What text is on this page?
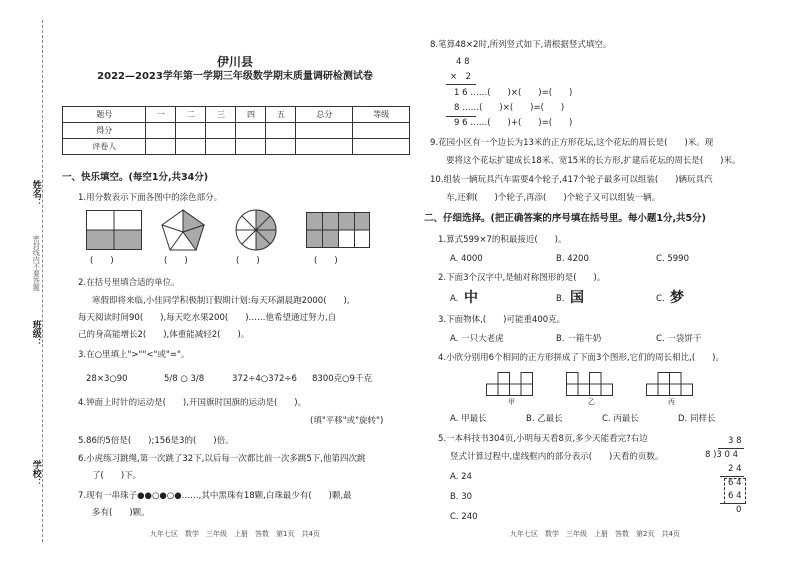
姓名：
密封线内不要答题
班级：
学校：
伊川县
2022—2023学年第一学期三年级数学期末质量调研检测试卷
题号	一	二	三	四	五	总分	等级
得分							
评卷人							
一、快乐填空。(每空1分,共34分)
1.用分数表示下面各图中的涂色部分。
(　　)	(　　)	(　　)	(　　)
2.在括号里填合适的单位。
寒假即将来临,小佳同学积极制订假期计划:每天环湖晨跑2000(　　),
每天阅读时间90(　　),每天吃水果200(　　)……他希望通过努力,自
己的身高能增长2(　　),体重能减轻2(　　)。
3.在○里填上">""<"或"="。
28×3○90	5/8 ○ 3/8	372÷4○372÷6 8300克○9千克
4.钟面上时针的运动是(　　),开国旗时国旗的运动是(　　)。
(填"平移"或"旋转")
5.86的5倍是(　　);156是3的(　　)倍。
6.小虎练习跳绳,第一次跳了32下,以后每一次都比前一次多跳5下,他第四次跳
了(　　)下。
7.现有一串珠子●●○●○●……,其中黑珠有18颗,白珠最少有(　　)颗,最
多有(　　)颗。
九年七区　数学　三年级　上册　答数　第1页　共4页
8.笔算48×2时,所列竖式如下,请根据竖式填空。
4 8
×　2
1 6 ……(　　)×(　　)=(　　)
8 ……(　　)×(　　)=(　　)
9 6 ……(　　)+(　　)=(　　)
9.花园小区有一个边长为13米的正方形花坛,这个花坛的周长是(　　)米。现
要将这个花坛扩建成长18米、宽15米的长方形,扩建后花坛的周长是(　　)米。
10.组装一辆玩具汽车需要4个轮子,417个轮子最多可以组装(　　)辆玩具汽
车,还剩(　　)个轮子,再添(　　)个轮子又可以组装一辆。
二、仔细选择。(把正确答案的序号填在括号里。每小题1分,共5分)
1.算式599×7的积最接近(　　)。
A. 4000	B. 4200	C. 5990
2.下面3个汉字中,是轴对称图形的是(　　)。
A. 中	B. 国	C. 梦
3.下面物体,(　　)可能重400克。
A. 一只大老虎	B. 一箱牛奶	C. 一袋饼干
4.小欣分别用6个相同的正方形拼成了下面3个图形,它们的周长相比,(　　)。
甲	乙	丙
A. 甲最长	B. 乙最长	C. 丙最长	D. 同样长
5.一本科技书304页,小明每天看8页,多少天能看完?右边
竖式计算过程中,虚线框内的部分表示(　　)天看的页数。
A. 24
B. 30
C. 240
3 8
8 )3 0 4
2 4
6 4
6 4
0
九年七区　数学　三年级　上册　答数　第2页　共4页
